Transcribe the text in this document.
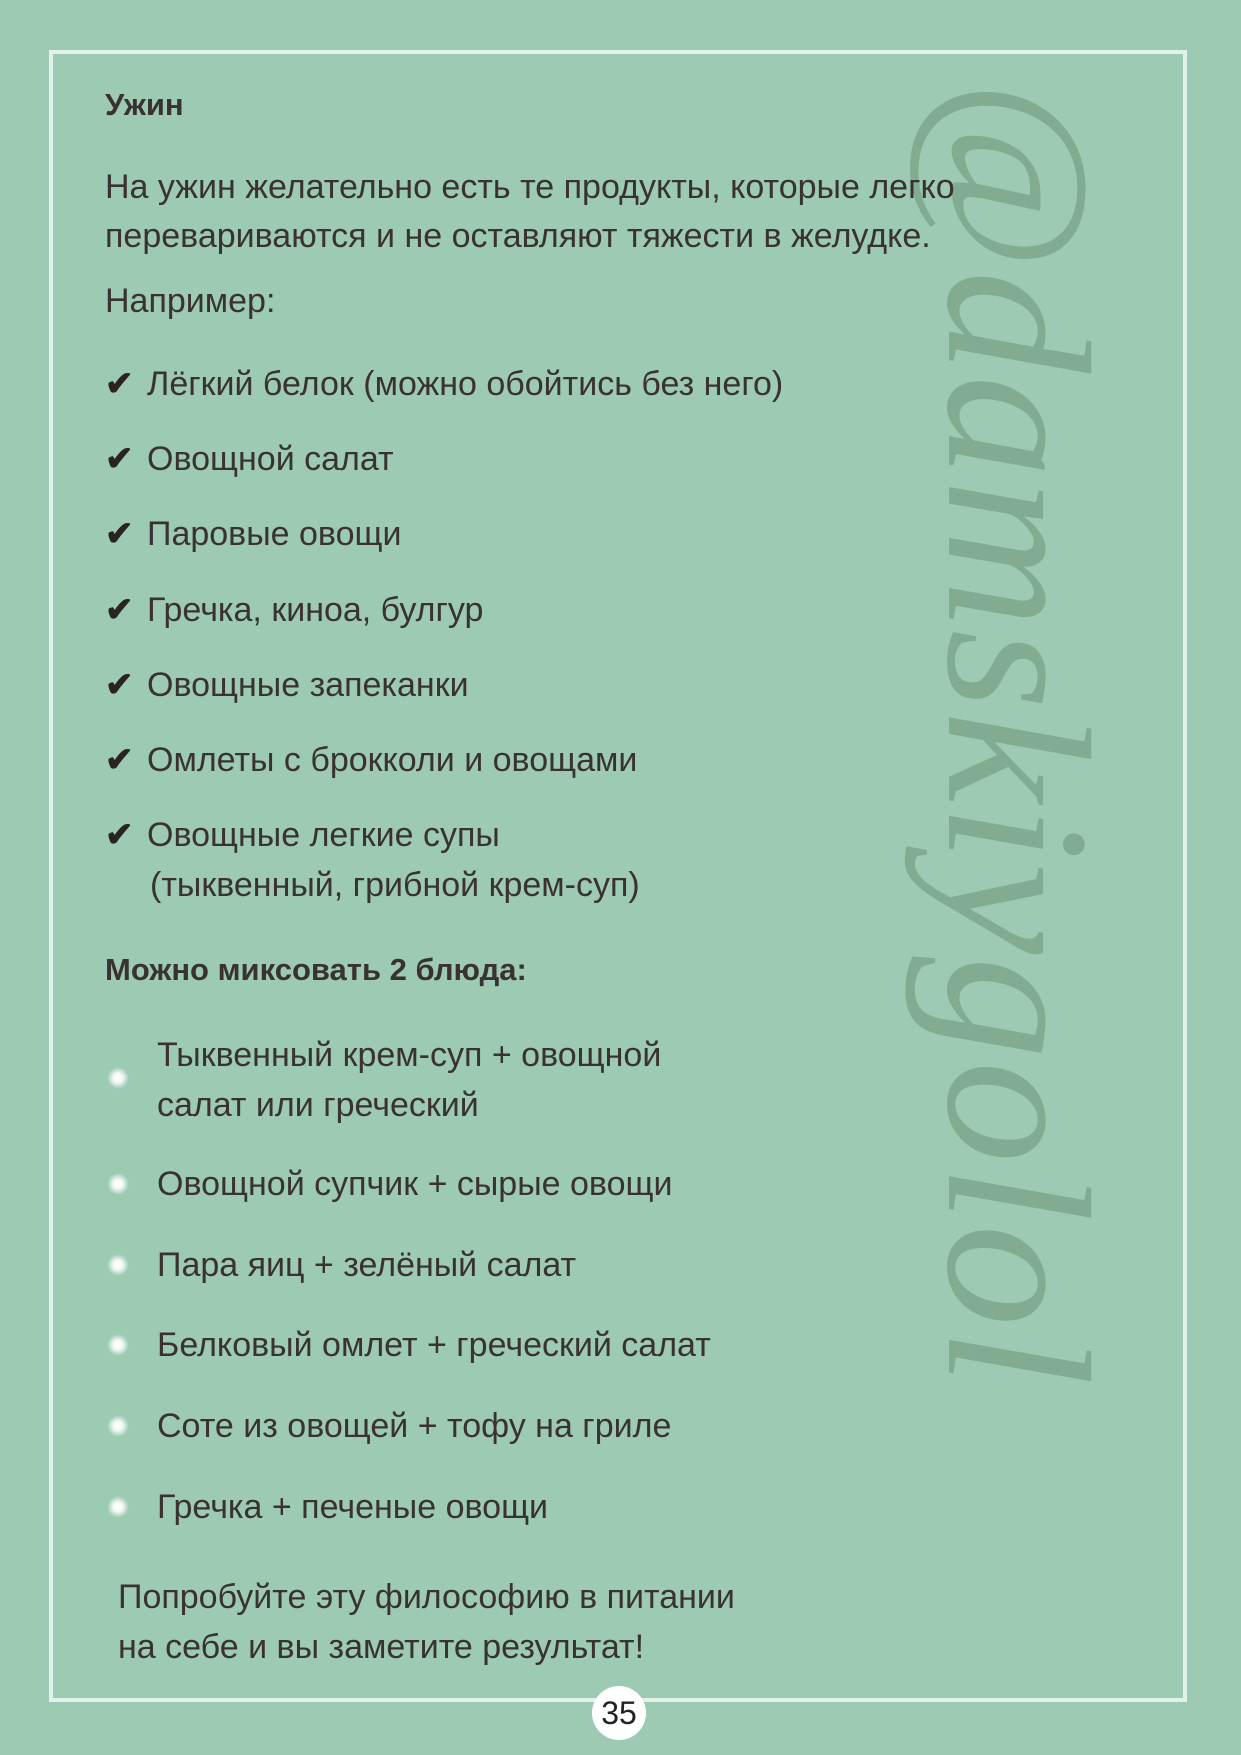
@damskiygolol
Ужин
На ужин желательно есть те продукты, которые легко
перевариваются и не оставляют тяжести в желудке.
Например:
✔ Лёгкий белок (можно обойтись без него)
✔ Овощной салат
✔ Паровые овощи
✔ Гречка, киноа, булгур
✔ Овощные запеканки
✔ Омлеты с брокколи и овощами
✔ Овощные легкие супы
(тыквенный, грибной крем-суп)
Можно миксовать 2 блюда:
Тыквенный крем-суп + овощной
салат или греческий
Овощной супчик + сырые овощи
Пара яиц + зелёный салат
Белковый омлет + греческий салат
Соте из овощей + тофу на гриле
Гречка + печеные овощи
Попробуйте эту философию в питании
на себе и вы заметите результат!
35
